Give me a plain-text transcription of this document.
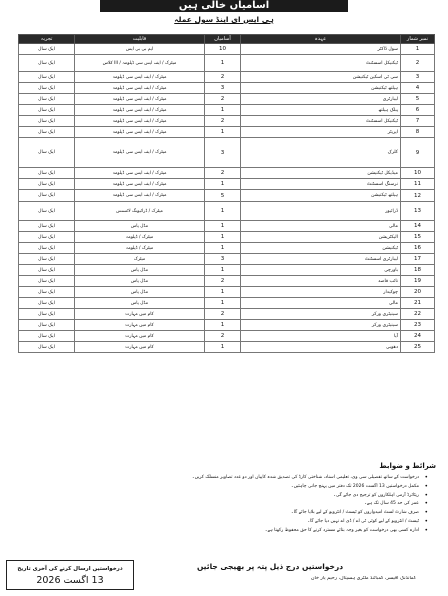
آسامیاں خالی ہیں
ہی ایس ای اینڈ سول عملہ
نمبر شمار	عہدہ	آسامیاں	قابلیت	تجربہ
1	سول ڈاکٹر	10	ایم بی بی ایس	ایک سال
2	ٹیکنیکل اسسٹنٹ	1	میٹرک / ایف ایس سی ڈپلومہ / III کلاس	ایک سال
3	سی ٹی اسکین ٹیکنیشن	2	میٹرک / ایف ایس سی ڈپلومہ	ایک سال
4	ہیلتھ ٹیکنیشن	3	میٹرک / ایف ایس سی ڈپلومہ	ایک سال
5	لیبارٹری	2	میٹرک / ایف ایس سی ڈپلومہ	ایک سال
6	پبلک ہیلتھ	1	میٹرک / ایف ایس سی ڈپلومہ	ایک سال
7	ٹیکنیکل اسسٹنٹ	2	میٹرک / ایف ایس سی ڈپلومہ	ایک سال
8	اپریٹر	1	میٹرک / ایف ایس سی ڈپلومہ	ایک سال
9	کلرک	3	میٹرک / ایف ایس سی ڈپلومہ	ایک سال
10	میڈیکل ٹیکنیشن	2	میٹرک / ایف ایس سی ڈپلومہ	ایک سال
11	نرسنگ اسسٹنٹ	1	میٹرک / ایف ایس سی ڈپلومہ	ایک سال
12	ہیلتھ ٹیکنیشن	5	میٹرک / ایف ایس سی ڈپلومہ	ایک سال
13	ڈرائیور	1	میٹرک / ڈرائیونگ لائسنس	ایک سال
14	مالی	1	مڈل پاس	ایک سال
15	الیکٹریشن	1	میٹرک / ڈپلومہ	ایک سال
16	ٹیکنیشن	1	میٹرک / ڈپلومہ	ایک سال
17	لیبارٹری اسسٹنٹ	3	میٹرک	ایک سال
18	باورچی	1	مڈل پاس	ایک سال
19	نائب قاصد	2	مڈل پاس	ایک سال
20	چوکیدار	1	مڈل پاس	ایک سال
21	مالی	1	مڈل پاس	ایک سال
22	سینیٹری ورکر	2	کام میں مہارت	ایک سال
23	سینیٹری ورکر	1	کام میں مہارت	ایک سال
24	آیا	2	کام میں مہارت	ایک سال
25	دھوبی	1	کام میں مہارت	ایک سال
شرائط و ضوابط
•
درخواست کے ساتھ تفصیلی سی وی، تعلیمی اسناد، شناختی کارڈ کی تصدیق شدہ کاپیاں اور دو عدد تصاویر منسلک کریں۔
•
مکمل درخواستیں 13 اگست 2026 تک دفتر میں پہنچ جانی چاہئیں۔
•
ریٹائرڈ آرمی اہلکاروں کو ترجیح دی جائے گی۔
•
عمر کی حد 45 سال تک ہے۔
•
صرف شارٹ لسٹ امیدواروں کو ٹیسٹ / انٹرویو کے لیے بلایا جائے گا۔
•
ٹیسٹ / انٹرویو کے لیے کوئی ٹی اے / ڈی اے نہیں دیا جائے گا۔
•
ادارہ کسی بھی درخواست کو بغیر وجہ بتائے مسترد کرنے کا حق محفوظ رکھتا ہے۔
درخواستیں ارسال کرنے کی آخری تاریخ
13 اگست 2026
درخواستیں درج ذیل پتہ پر بھیجی جائیں
کمانڈنگ آفیسر، کمبائنڈ ملٹری ہسپتال، رحیم یار خان
